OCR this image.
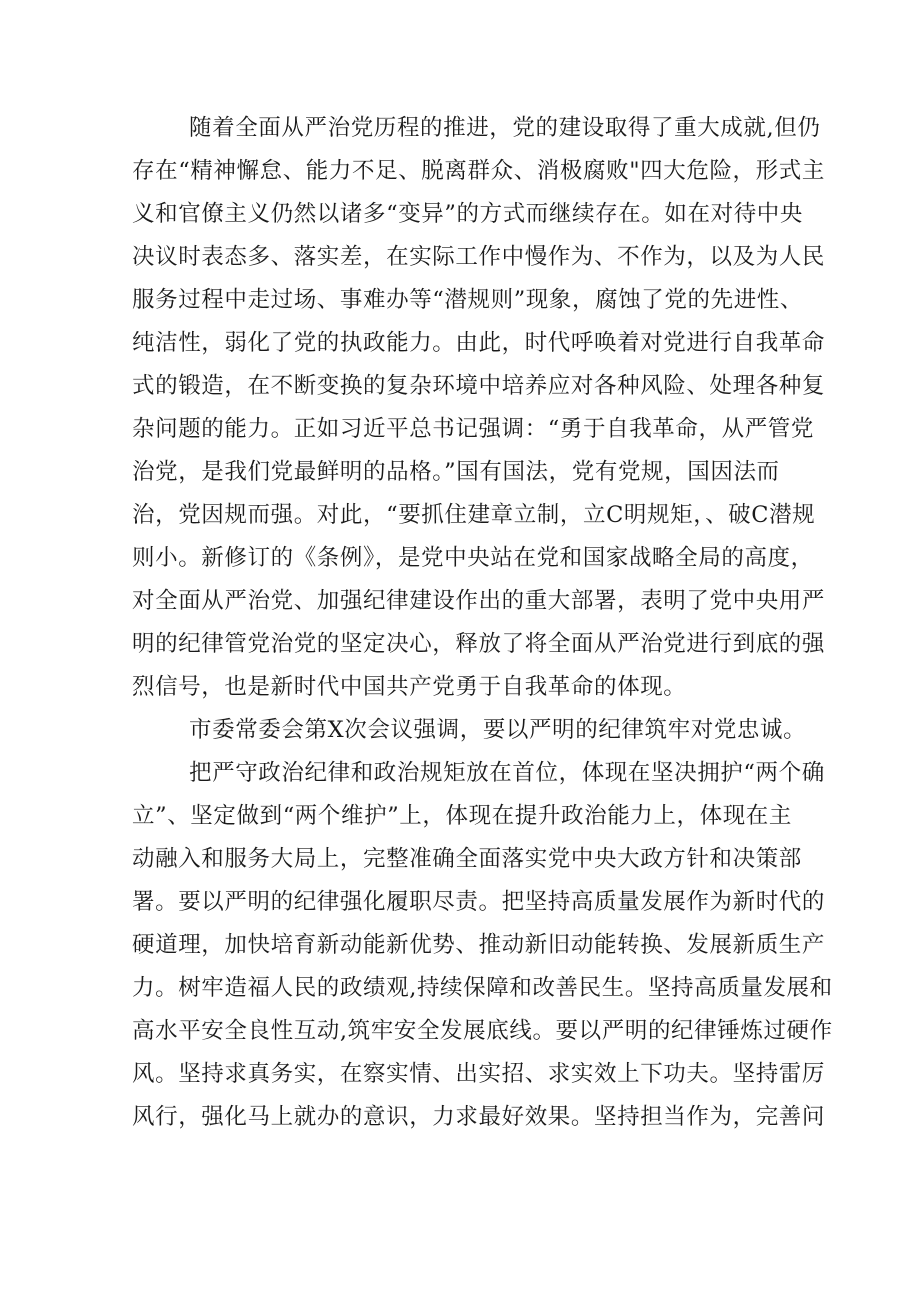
随着全面从严治党历程的推进，党的建设取得了重大成就,但仍
存在“精神懈怠、能力不足、脱离群众、消极腐败"四大危险，形式主
义和官僚主义仍然以诸多“变异”的方式而继续存在。如在对待中央
决议时表态多、落实差，在实际工作中慢作为、不作为，以及为人民
服务过程中走过场、事难办等“潜规则”现象，腐蚀了党的先进性、
纯洁性，弱化了党的执政能力。由此，时代呼唤着对党进行自我革命
式的锻造，在不断变换的复杂环境中培养应对各种风险、处理各种复
杂问题的能力。正如习近平总书记强调：“勇于自我革命，从严管党
治党，是我们党最鲜明的品格。”国有国法，党有党规，国因法而
治，党因规而强。对此，“要抓住建章立制，立C明规矩，、破C潜规
则小。新修订的《条例》，是党中央站在党和国家战略全局的高度，
对全面从严治党、加强纪律建设作出的重大部署，表明了党中央用严
明的纪律管党治党的坚定决心，释放了将全面从严治党进行到底的强
烈信号，也是新时代中国共产党勇于自我革命的体现。
市委常委会第X次会议强调，要以严明的纪律筑牢对党忠诚。
把严守政治纪律和政治规矩放在首位，体现在坚决拥护“两个确
立”、坚定做到“两个维护”上，体现在提升政治能力上，体现在主
动融入和服务大局上，完整准确全面落实党中央大政方针和决策部
署。要以严明的纪律强化履职尽责。把坚持高质量发展作为新时代的
硬道理，加快培育新动能新优势、推动新旧动能转换、发展新质生产
力。树牢造福人民的政绩观,持续保障和改善民生。坚持高质量发展和
高水平安全良性互动,筑牢安全发展底线。要以严明的纪律锤炼过硬作
风。坚持求真务实，在察实情、出实招、求实效上下功夫。坚持雷厉
风行，强化马上就办的意识，力求最好效果。坚持担当作为，完善问
